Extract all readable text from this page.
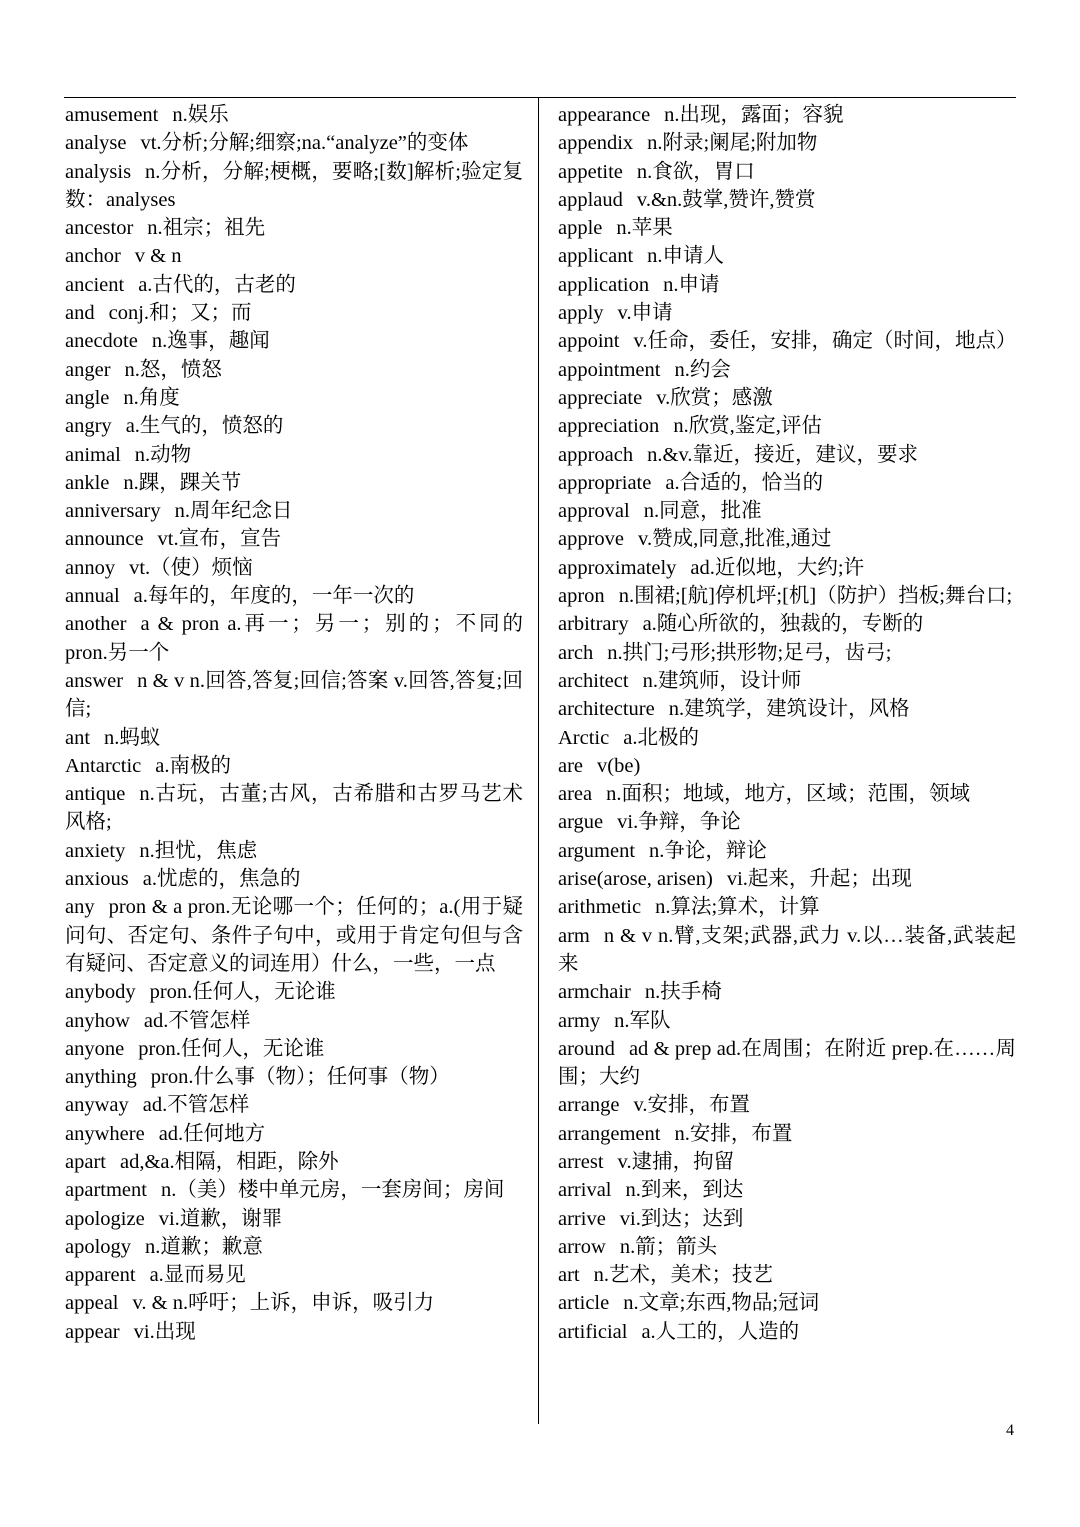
amusement n.娱乐
analyse vt.分析;分解;细察;na.“analyze”的变体
analysis n.分析，分解;梗概，要略;[数]解析;验定复数：analyses
ancestor n.祖宗；祖先
anchor v & n
ancient a.古代的，古老的
and conj.和；又；而
anecdote n.逸事，趣闻
anger n.怒，愤怒
angle n.角度
angry a.生气的，愤怒的
animal n.动物
ankle n.踝，踝关节
anniversary n.周年纪念日
announce vt.宣布，宣告
annoy vt.（使）烦恼
annual a.每年的，年度的，一年一次的
another a & pron a.再一；另一；别的；不同的 pron.另一个
answer n & v n.回答,答复;回信;答案 v.回答,答复;回信;
ant n.蚂蚁
Antarctic a.南极的
antique n.古玩，古董;古风，古希腊和古罗马艺术风格;
anxiety n.担忧，焦虑
anxious a.忧虑的，焦急的
any pron & a pron.无论哪一个；任何的；a.(用于疑问句、否定句、条件子句中，或用于肯定句但与含有疑问、否定意义的词连用）什么，一些，一点
anybody pron.任何人，无论谁
anyhow ad.不管怎样
anyone pron.任何人，无论谁
anything pron.什么事（物）；任何事（物）
anyway ad.不管怎样
anywhere ad.任何地方
apart ad,&a.相隔，相距，除外
apartment n.（美）楼中单元房，一套房间；房间
apologize vi.道歉，谢罪
apology n.道歉；歉意
apparent a.显而易见
appeal v. & n.呼吁；上诉，申诉，吸引力
appear vi.出现
appearance n.出现，露面；容貌
appendix n.附录;阑尾;附加物
appetite n.食欲，胃口
applaud v.&n.鼓掌,赞许,赞赏
apple n.苹果
applicant n.申请人
application n.申请
apply v.申请
appoint v.任命，委任，安排，确定（时间，地点）
appointment n.约会
appreciate v.欣赏；感激
appreciation n.欣赏,鉴定,评估
approach n.&v.靠近，接近，建议，要求
appropriate a.合适的，恰当的
approval n.同意，批准
approve v.赞成,同意,批准,通过
approximately ad.近似地，大约;许
apron n.围裙;[航]停机坪;[机]（防护）挡板;舞台口;
arbitrary a.随心所欲的，独裁的，专断的
arch n.拱门;弓形;拱形物;足弓，齿弓;
architect n.建筑师，设计师
architecture n.建筑学，建筑设计，风格
Arctic a.北极的
are v(be)
area n.面积；地域，地方，区域；范围，领域
argue vi.争辩，争论
argument n.争论，辩论
arise(arose, arisen) vi.起来，升起；出现
arithmetic n.算法;算术，计算
arm n & v n.臂,支架;武器,武力 v.以…装备,武装起来
armchair n.扶手椅
army n.军队
around ad & prep ad.在周围；在附近 prep.在……周围；大约
arrange v.安排，布置
arrangement n.安排，布置
arrest v.逮捕，拘留
arrival n.到来，到达
arrive vi.到达；达到
arrow n.箭；箭头
art n.艺术，美术；技艺
article n.文章;东西,物品;冠词
artificial a.人工的，人造的
4
